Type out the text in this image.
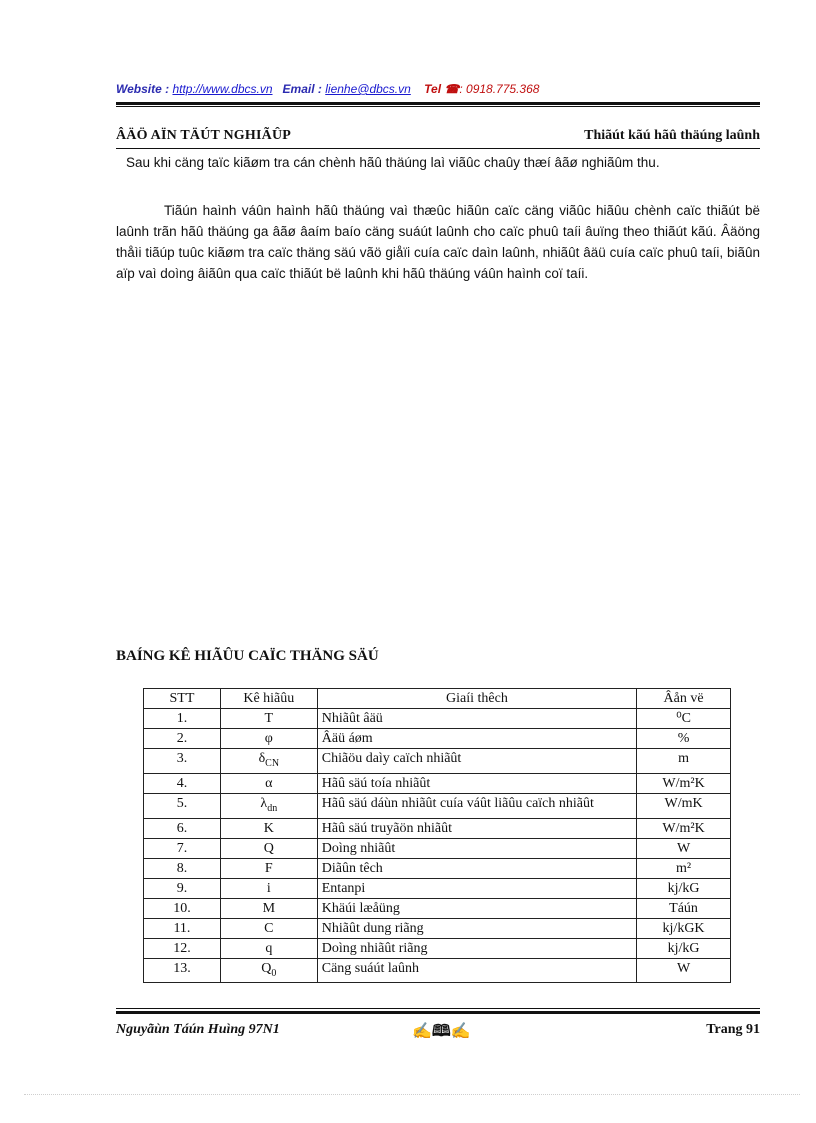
Website : http://www.dbcs.vn Email : lienhe@dbcs.vn Tel ☎: 0918.775.368
ÂÄÖ AÏN TÄÚT NGHIÃÛP	Thiãút kãú hãû thäúng laûnh

Sau khi cäng taïc kiãøm tra cán chènh hãû thäúng laì viãûc chaûy thæí âãø nghiãûm thu.

Tiãún haình váûn haình hãû thäúng vaì thæûc hiãûn caïc cäng viãûc hiãûu chènh caïc thiãút bë laûnh trãn hãû thäúng ga âãø âaím baío cäng suáút laûnh cho caïc phuû taíi âuïng theo thiãút kãú. Âäöng thåìi tiãúp tuûc kiãøm tra caïc thäng säú vãö giåïi cuía caïc daìn laûnh, nhiãût âäü cuía caïc phuû taíi, biãûn aïp vaì doìng âiãûn qua caïc thiãút bë laûnh khi hãû thäúng váûn haình coï taíi.

BAÍNG KÊ HIÃÛU CAÏC THÄNG SÄÚ
STT	Kê hiãûu	Giaíi thêch	Âån vë
1.	T	Nhiãût âäü	⁰C
2.	φ	Âäü áøm	%
3.	$\delta_{CN}$	Chiãöu daìy caïch nhiãût	m
4.	α	Hãû säú toía nhiãût	W/m²K
5.	$\lambda_{dn}$	Hãû säú dáùn nhiãût cuía váût liãûu caïch nhiãût	W/mK
6.	K	Hãû säú truyãön nhiãût	W/m²K
7.	Q	Doìng nhiãût	W
8.	F	Diãûn têch	m²
9.	i	Entanpi	kj/kG
10.	M	Khäúi læåüng	Táún
11.	C	Nhiãût dung riãng	kj/kGK
12.	q	Doìng nhiãût riãng	kj/kG
13.	$Q_0$	Cäng suáút laûnh	W
Nguyãùn Táún Huìng 97N1	✍🕮✍	Trang 91
